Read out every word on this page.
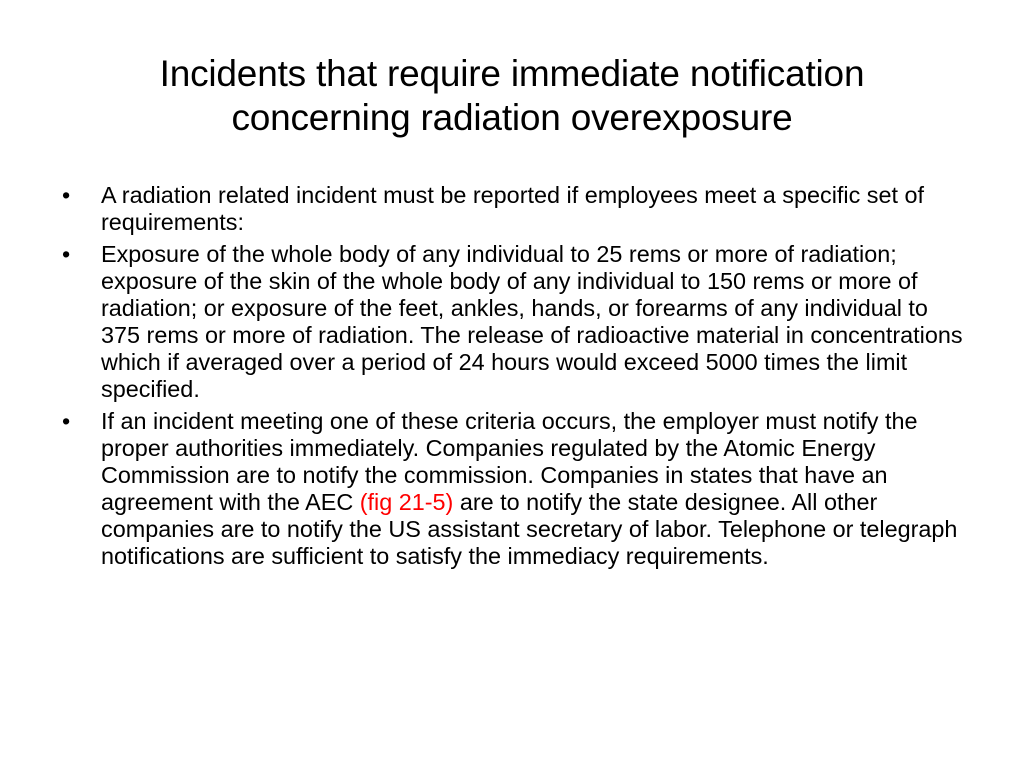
Incidents that require immediate notification
concerning radiation overexposure
• A radiation related incident must be reported if employees meet a specific set of requirements:
• Exposure of the whole body of any individual to 25 rems or more of radiation; exposure of the skin of the whole body of any individual to 150 rems or more of radiation; or exposure of the feet, ankles, hands, or forearms of any individual to 375 rems or more of radiation. The release of radioactive material in concentrations which if averaged over a period of 24 hours would exceed 5000 times the limit specified.
• If an incident meeting one of these criteria occurs, the employer must notify the proper authorities immediately. Companies regulated by the Atomic Energy Commission are to notify the commission. Companies in states that have an agreement with the AEC (fig 21-5) are to notify the state designee. All other companies are to notify the US assistant secretary of labor. Telephone or telegraph notifications are sufficient to satisfy the immediacy requirements.
